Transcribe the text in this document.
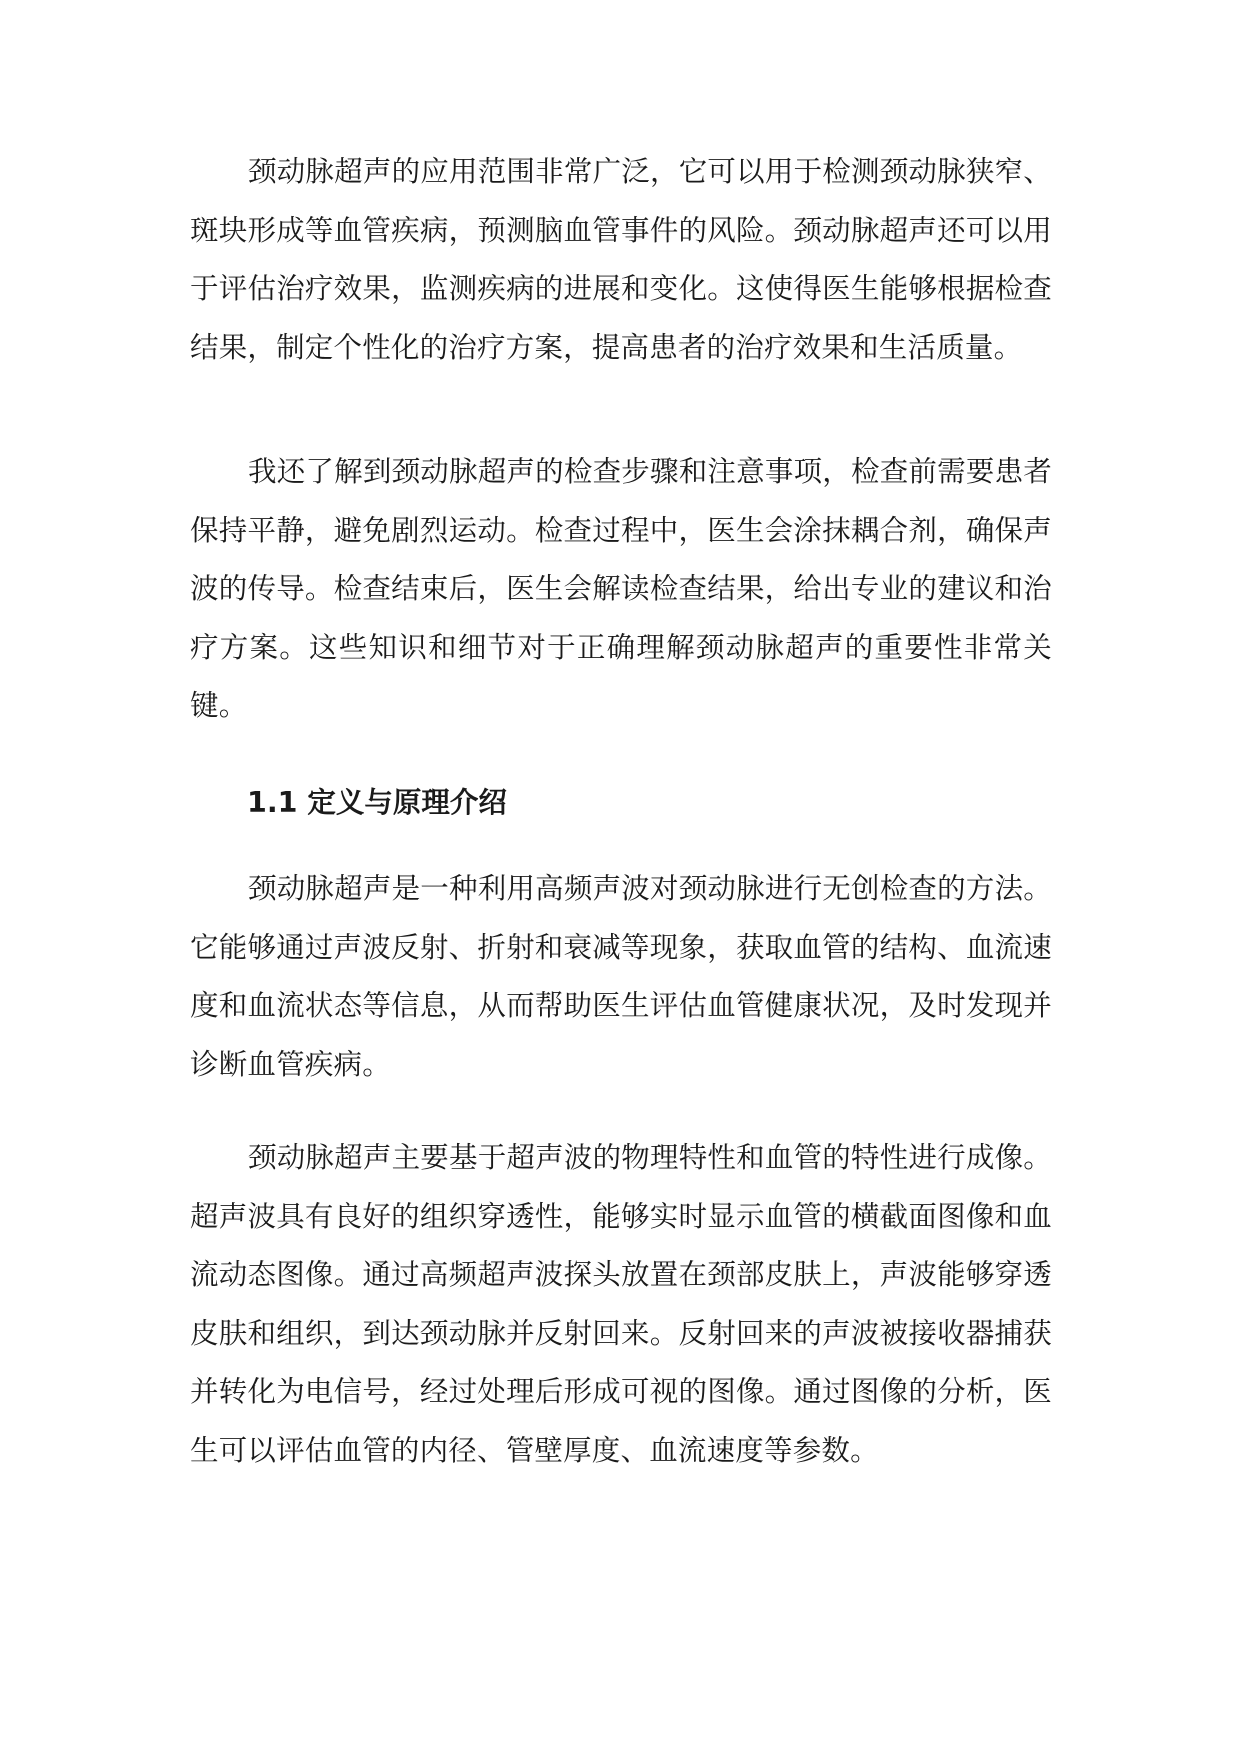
颈动脉超声的应用范围非常广泛，它可以用于检测颈动脉狭窄、斑块形成等血管疾病，预测脑血管事件的风险。颈动脉超声还可以用于评估治疗效果，监测疾病的进展和变化。这使得医生能够根据检查结果，制定个性化的治疗方案，提高患者的治疗效果和生活质量。

我还了解到颈动脉超声的检查步骤和注意事项，检查前需要患者保持平静，避免剧烈运动。检查过程中，医生会涂抹耦合剂，确保声波的传导。检查结束后，医生会解读检查结果，给出专业的建议和治疗方案。这些知识和细节对于正确理解颈动脉超声的重要性非常关键。

1.1 定义与原理介绍

颈动脉超声是一种利用高频声波对颈动脉进行无创检查的方法。它能够通过声波反射、折射和衰减等现象，获取血管的结构、血流速度和血流状态等信息，从而帮助医生评估血管健康状况，及时发现并诊断血管疾病。

颈动脉超声主要基于超声波的物理特性和血管的特性进行成像。超声波具有良好的组织穿透性，能够实时显示血管的横截面图像和血流动态图像。通过高频超声波探头放置在颈部皮肤上，声波能够穿透皮肤和组织，到达颈动脉并反射回来。反射回来的声波被接收器捕获并转化为电信号，经过处理后形成可视的图像。通过图像的分析，医生可以评估血管的内径、管壁厚度、血流速度等参数。
